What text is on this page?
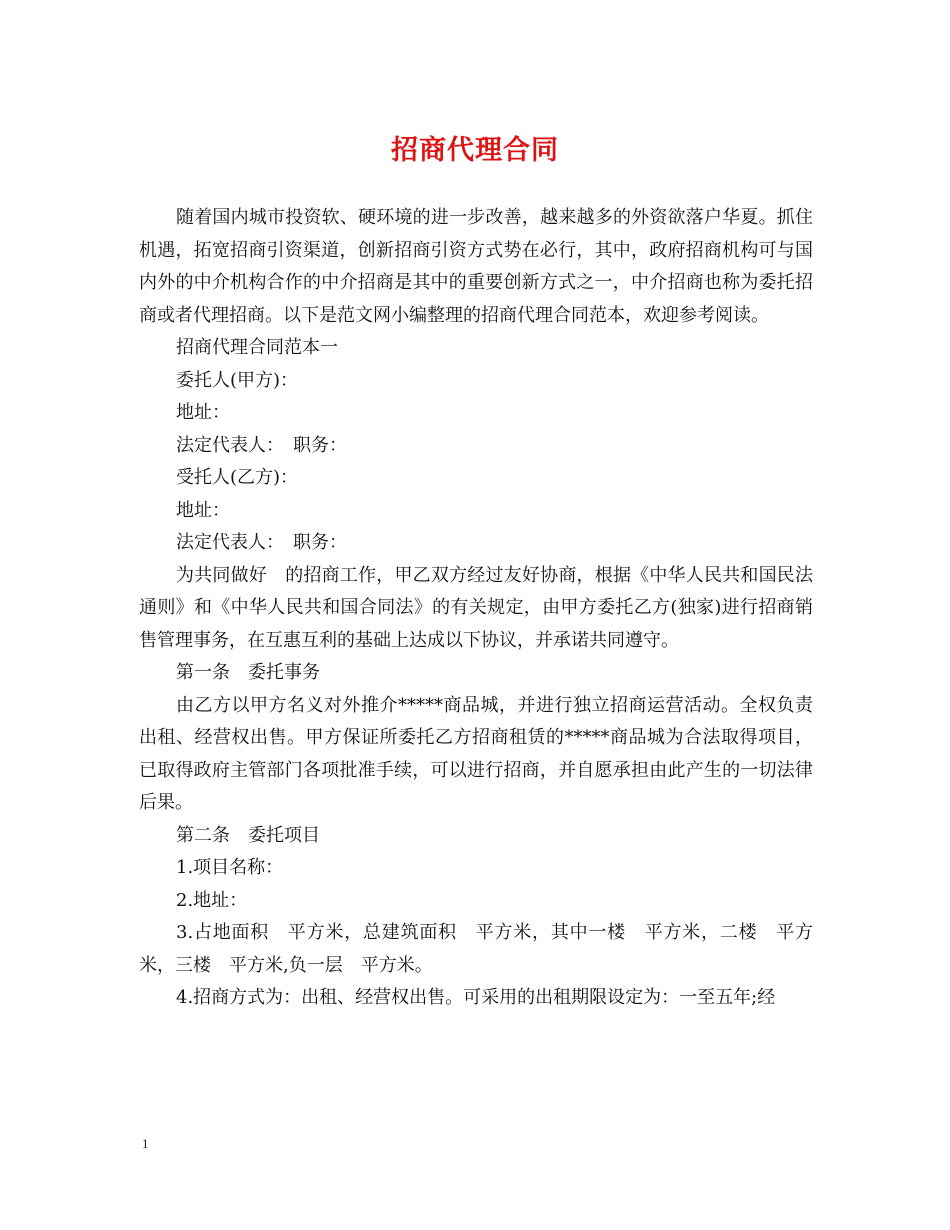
招商代理合同

随着国内城市投资软、硬环境的进一步改善，越来越多的外资欲落户华夏。抓住机遇，拓宽招商引资渠道，创新招商引资方式势在必行，其中，政府招商机构可与国内外的中介机构合作的中介招商是其中的重要创新方式之一，中介招商也称为委托招商或者代理招商。以下是范文网小编整理的招商代理合同范本，欢迎参考阅读。

招商代理合同范本一

委托人(甲方)：

地址：

法定代表人：　职务：

受托人(乙方)：

地址：

法定代表人：　职务：

为共同做好　的招商工作，甲乙双方经过友好协商，根据《中华人民共和国民法通则》和《中华人民共和国合同法》的有关规定，由甲方委托乙方(独家)进行招商销售管理事务，在互惠互利的基础上达成以下协议，并承诺共同遵守。

第一条　委托事务

由乙方以甲方名义对外推介*****商品城，并进行独立招商运营活动。全权负责出租、经营权出售。甲方保证所委托乙方招商租赁的*****商品城为合法取得项目，已取得政府主管部门各项批准手续，可以进行招商，并自愿承担由此产生的一切法律后果。

第二条　委托项目

1.项目名称：

2.地址：

3.占地面积　平方米，总建筑面积　平方米，其中一楼　平方米，二楼　平方米，三楼　平方米,负一层　平方米。

4.招商方式为：出租、经营权出售。可采用的出租期限设定为：一至五年;经

1
